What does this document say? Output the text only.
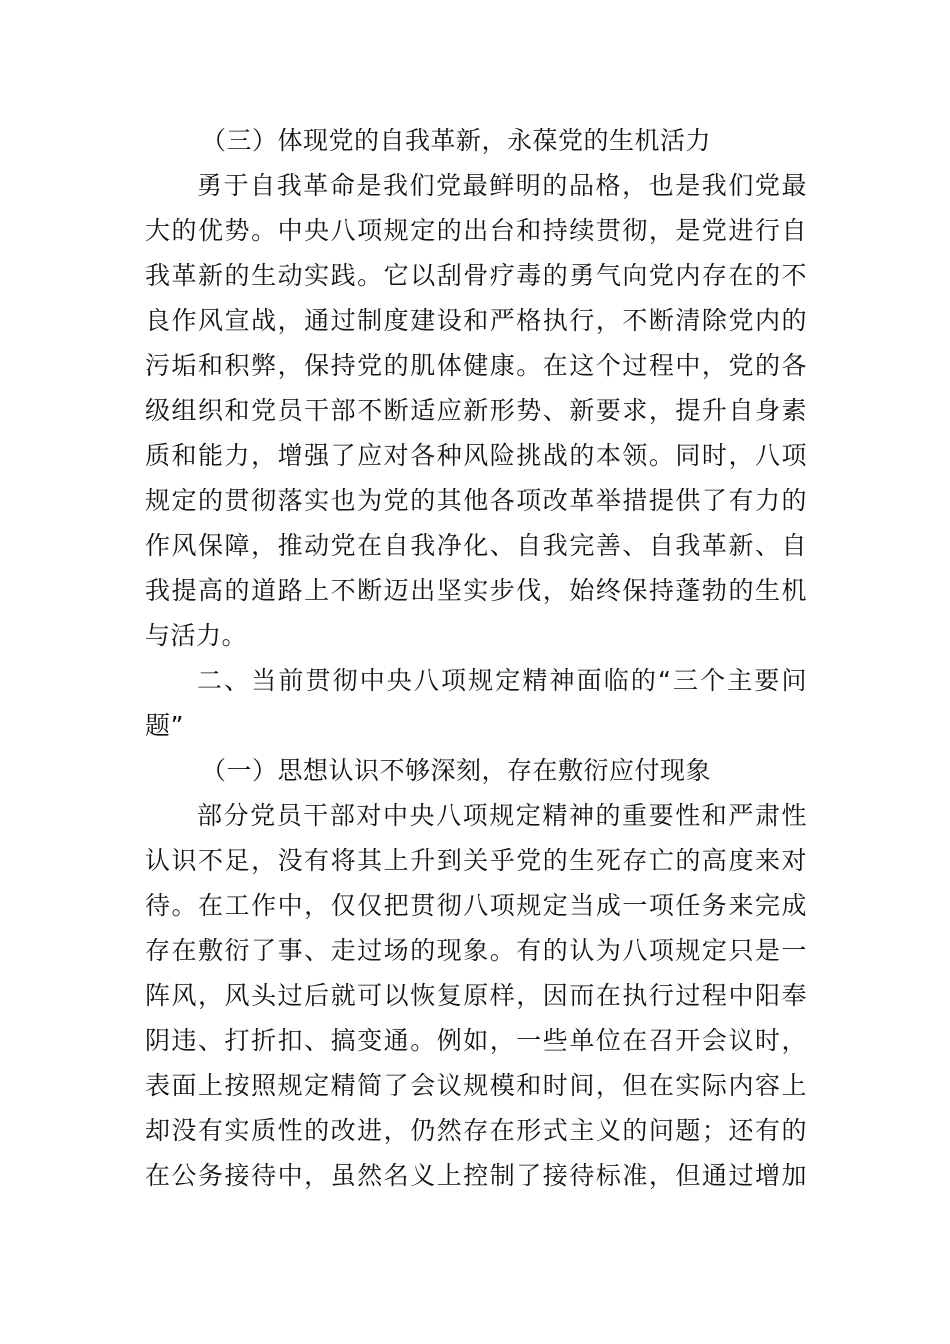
（三）体现党的自我革新，永葆党的生机活力
勇于自我革命是我们党最鲜明的品格，也是我们党最
大的优势。中央八项规定的出台和持续贯彻，是党进行自
我革新的生动实践。它以刮骨疗毒的勇气向党内存在的不
良作风宣战，通过制度建设和严格执行，不断清除党内的
污垢和积弊，保持党的肌体健康。在这个过程中，党的各
级组织和党员干部不断适应新形势、新要求，提升自身素
质和能力，增强了应对各种风险挑战的本领。同时，八项
规定的贯彻落实也为党的其他各项改革举措提供了有力的
作风保障，推动党在自我净化、自我完善、自我革新、自
我提高的道路上不断迈出坚实步伐，始终保持蓬勃的生机
与活力。
二、当前贯彻中央八项规定精神面临的“三个主要问
题”
（一）思想认识不够深刻，存在敷衍应付现象
部分党员干部对中央八项规定精神的重要性和严肃性
认识不足，没有将其上升到关乎党的生死存亡的高度来对
待。在工作中，仅仅把贯彻八项规定当成一项任务来完成
存在敷衍了事、走过场的现象。有的认为八项规定只是一
阵风，风头过后就可以恢复原样，因而在执行过程中阳奉
阴违、打折扣、搞变通。例如，一些单位在召开会议时，
表面上按照规定精简了会议规模和时间，但在实际内容上
却没有实质性的改进，仍然存在形式主义的问题；还有的
在公务接待中，虽然名义上控制了接待标准，但通过增加
